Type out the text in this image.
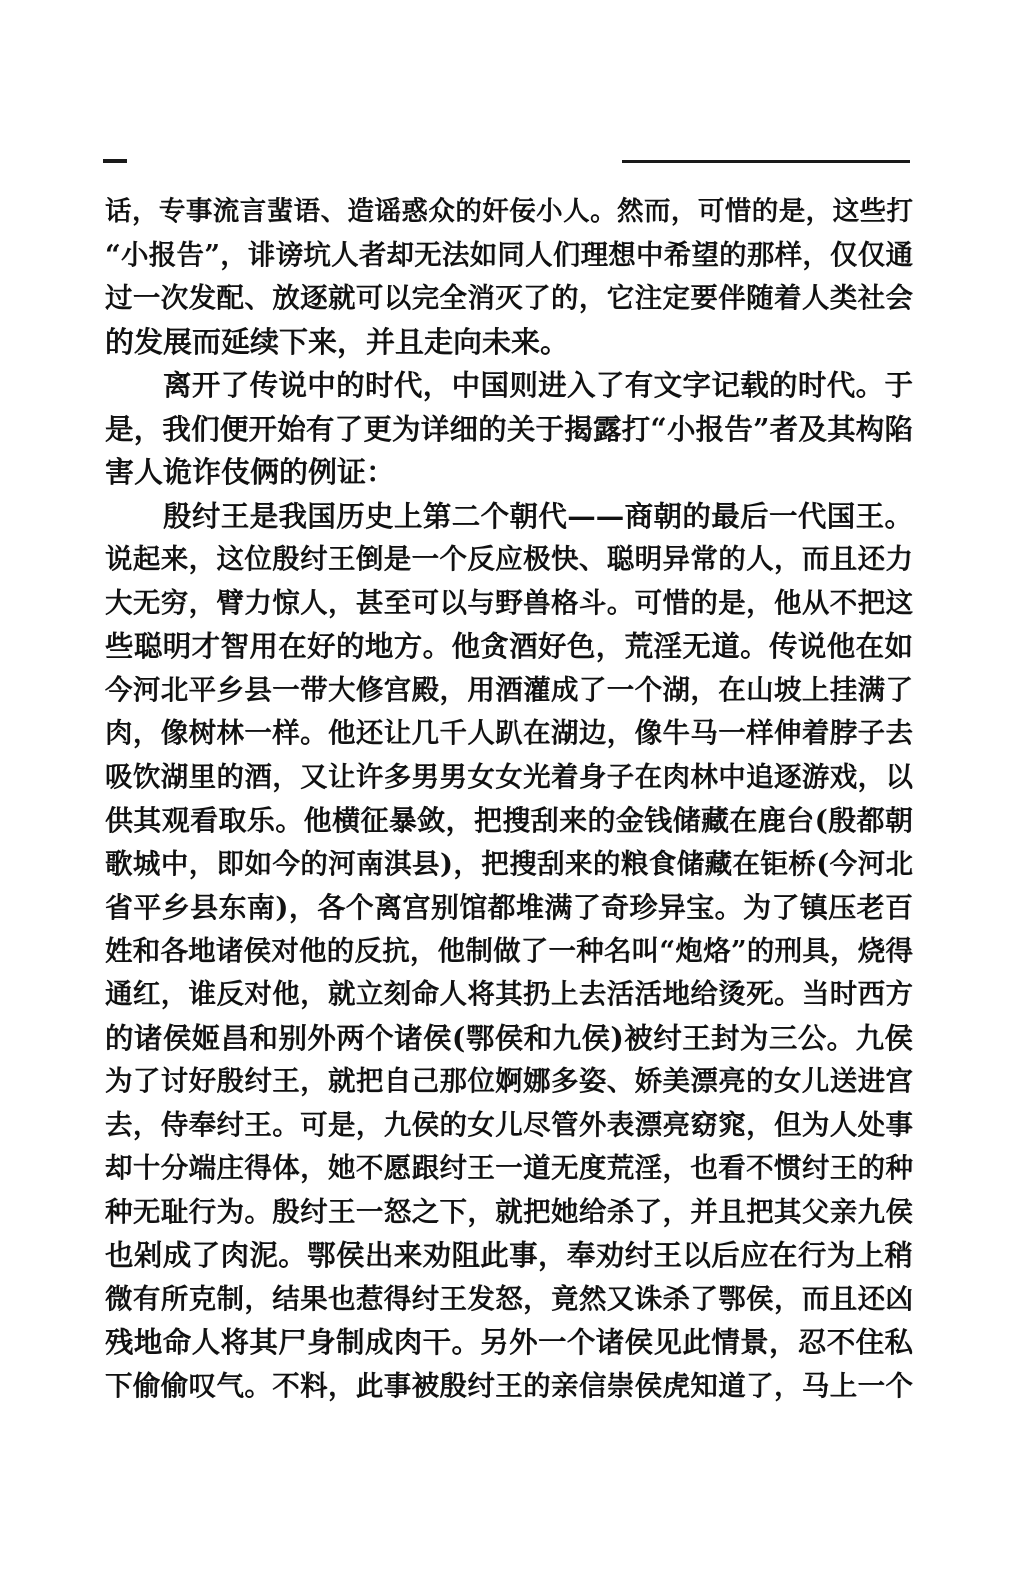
话，专事流言蜚语、造谣惑众的奸佞小人。然而，可惜的是，这些打
“小报告”，诽谤坑人者却无法如同人们理想中希望的那样，仅仅通
过一次发配、放逐就可以完全消灭了的，它注定要伴随着人类社会
的发展而延续下来，并且走向未来。
离开了传说中的时代，中国则进入了有文字记载的时代。于
是，我们便开始有了更为详细的关于揭露打“小报告”者及其构陷
害人诡诈伎俩的例证：
殷纣王是我国历史上第二个朝代——商朝的最后一代国王。
说起来，这位殷纣王倒是一个反应极快、聪明异常的人，而且还力
大无穷，臂力惊人，甚至可以与野兽格斗。可惜的是，他从不把这
些聪明才智用在好的地方。他贪酒好色，荒淫无道。传说他在如
今河北平乡县一带大修宫殿，用酒灌成了一个湖，在山坡上挂满了
肉，像树林一样。他还让几千人趴在湖边，像牛马一样伸着脖子去
吸饮湖里的酒，又让许多男男女女光着身子在肉林中追逐游戏，以
供其观看取乐。他横征暴敛，把搜刮来的金钱储藏在鹿台(殷都朝
歌城中，即如今的河南淇县)，把搜刮来的粮食储藏在钜桥(今河北
省平乡县东南)，各个离宫别馆都堆满了奇珍异宝。为了镇压老百
姓和各地诸侯对他的反抗，他制做了一种名叫“炮烙”的刑具，烧得
通红，谁反对他，就立刻命人将其扔上去活活地给烫死。当时西方
的诸侯姬昌和别外两个诸侯(鄂侯和九侯)被纣王封为三公。九侯
为了讨好殷纣王，就把自己那位婀娜多姿、娇美漂亮的女儿送进宫
去，侍奉纣王。可是，九侯的女儿尽管外表漂亮窈窕，但为人处事
却十分端庄得体，她不愿跟纣王一道无度荒淫，也看不惯纣王的种
种无耻行为。殷纣王一怒之下，就把她给杀了，并且把其父亲九侯
也剁成了肉泥。鄂侯出来劝阻此事，奉劝纣王以后应在行为上稍
微有所克制，结果也惹得纣王发怒，竟然又诛杀了鄂侯，而且还凶
残地命人将其尸身制成肉干。另外一个诸侯见此情景，忍不住私
下偷偷叹气。不料，此事被殷纣王的亲信崇侯虎知道了，马上一个
